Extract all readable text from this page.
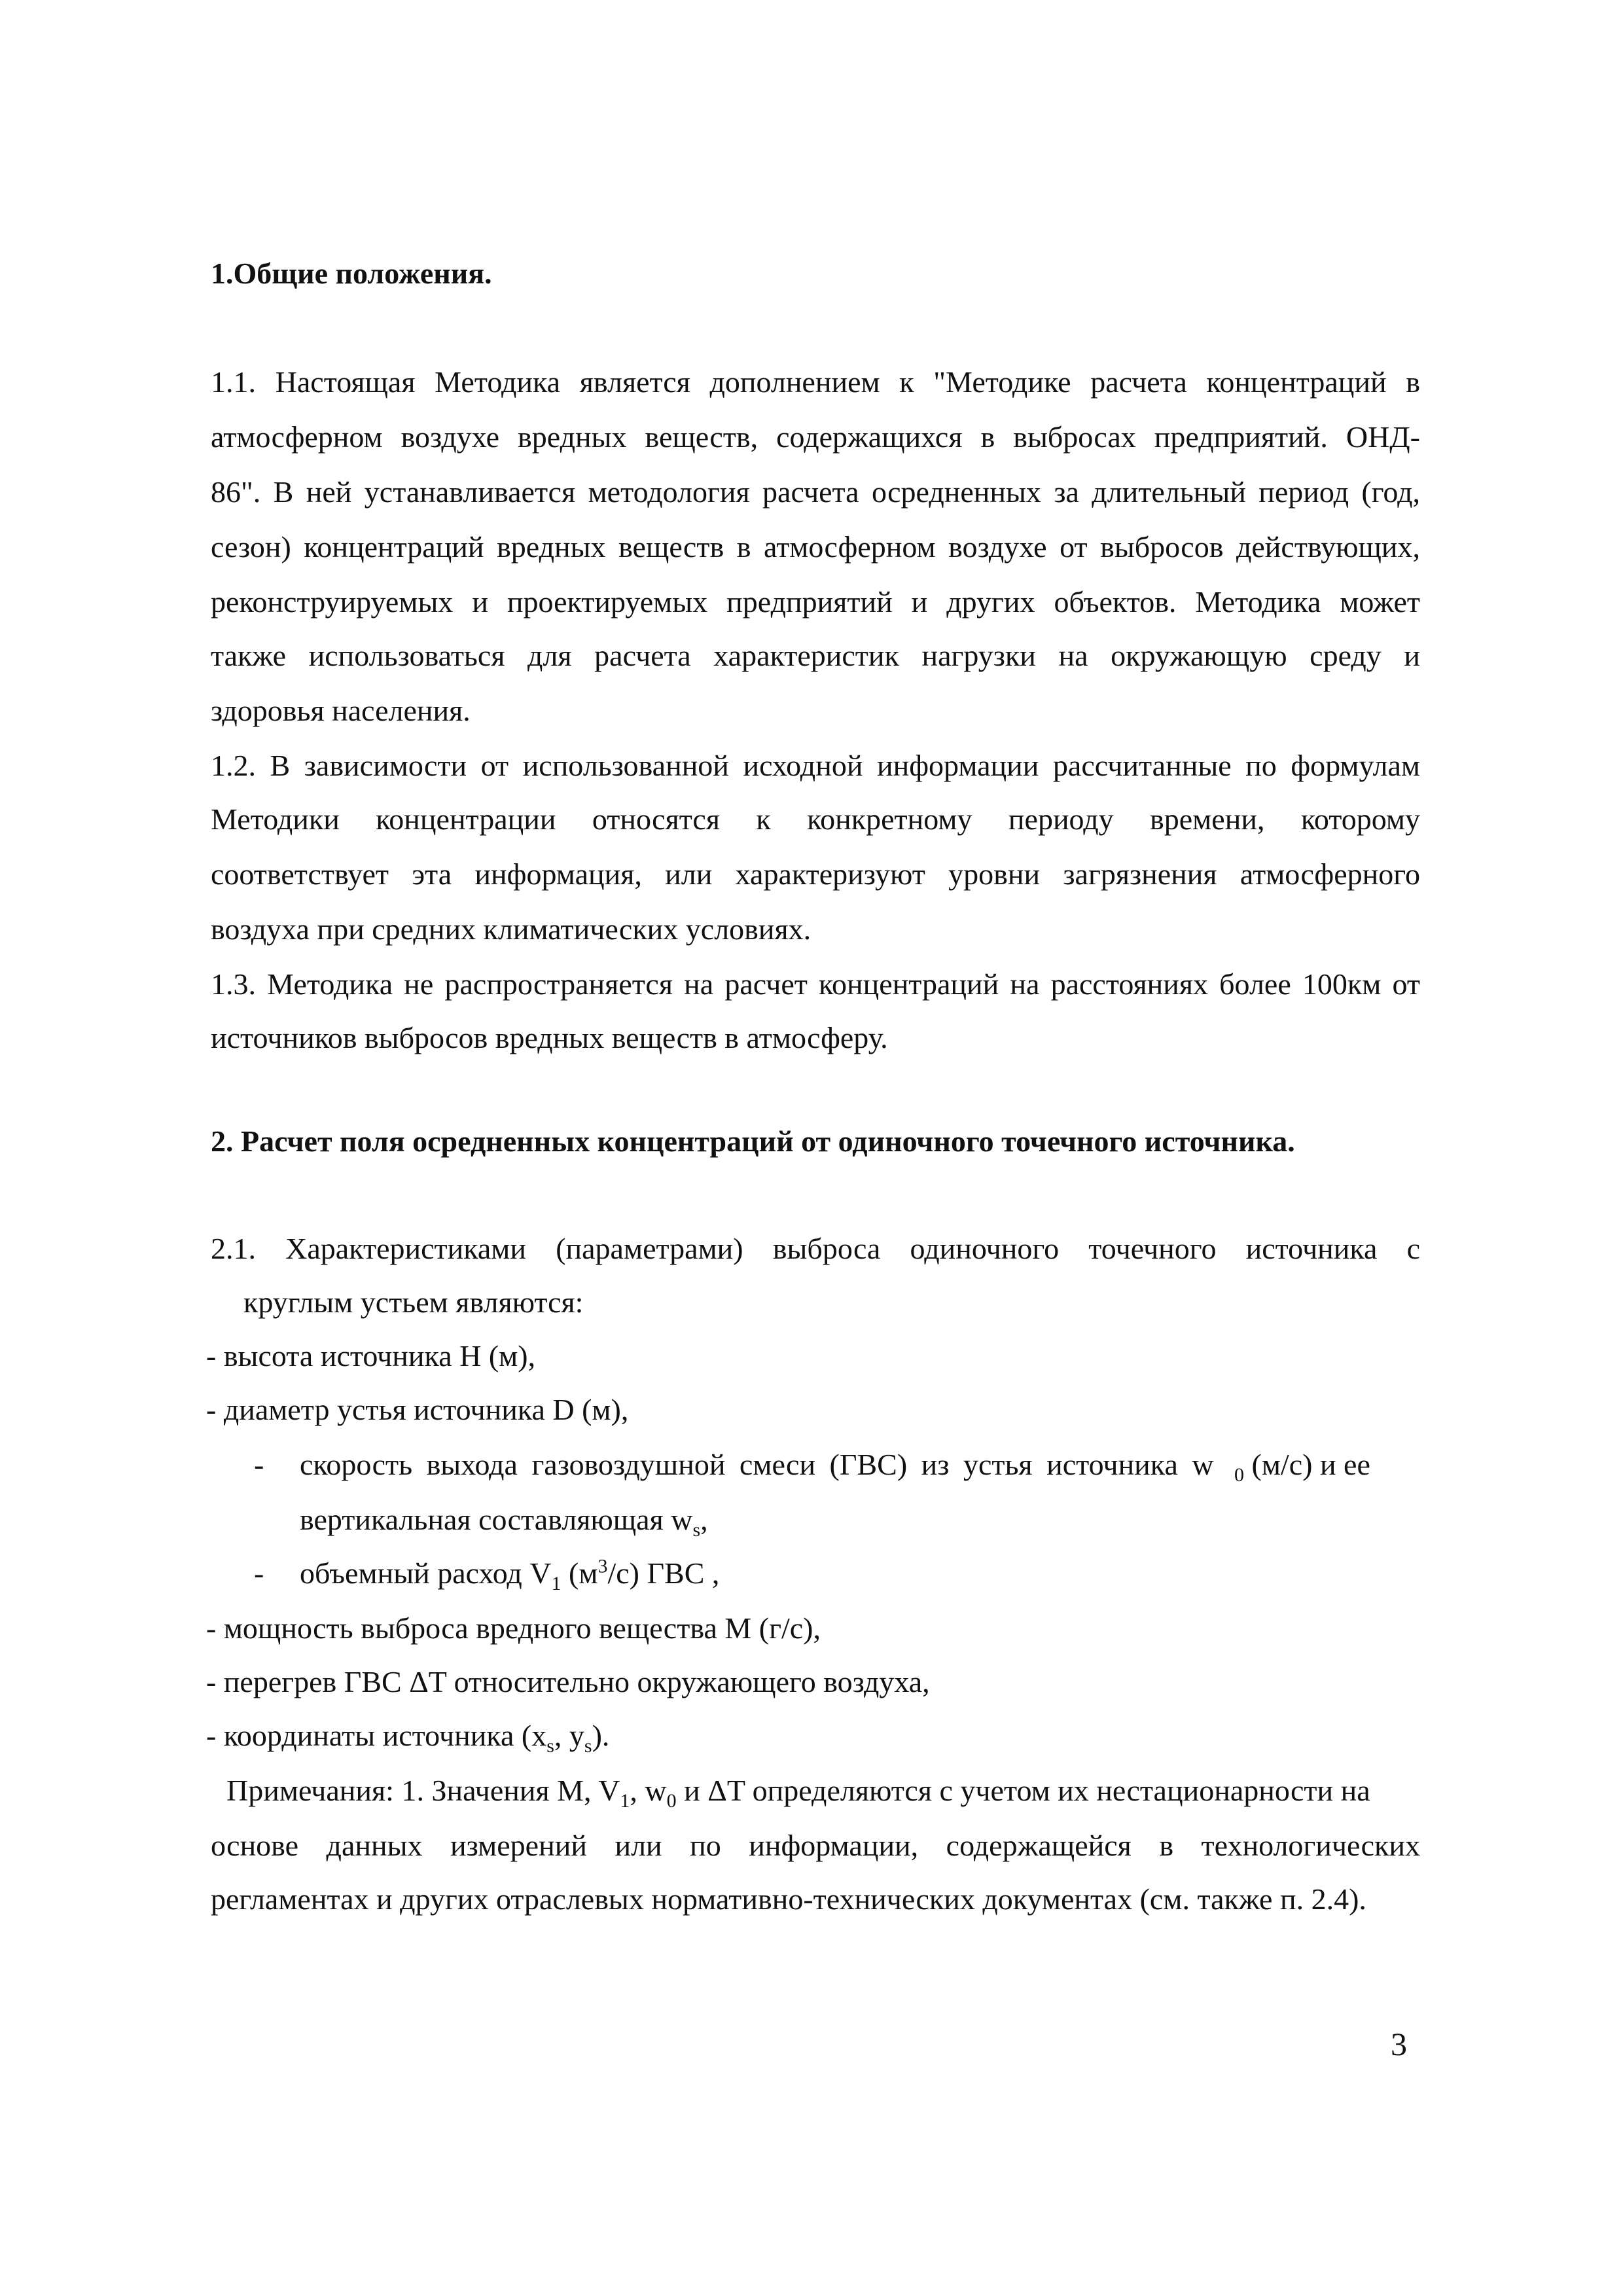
1.Общие положения.
1.1. Настоящая Методика является дополнением к "Методике расчета концентраций в
атмосферном воздухе вредных веществ, содержащихся в выбросах предприятий. ОНД-
86". В ней устанавливается методология расчета осредненных за длительный период (год,
сезон) концентраций вредных веществ в атмосферном воздухе от выбросов действующих,
реконструируемых и проектируемых предприятий и других объектов. Методика может
также использоваться для расчета характеристик нагрузки на окружающую среду и
здоровья населения.
1.2. В зависимости от использованной исходной информации рассчитанные по формулам
Методики концентрации относятся к конкретному периоду времени, которому
соответствует эта информация, или характеризуют уровни загрязнения атмосферного
воздуха при средних климатических условиях.
1.3. Методика не распространяется на расчет концентраций на расстояниях более 100км от
источников выбросов вредных веществ в атмосферу.
2. Расчет поля осредненных концентраций от одиночного точечного источника.
2.1. Характеристиками (параметрами) выброса одиночного точечного источника с
круглым устьем являются:
- высота источника H (м),
- диаметр устья источника D (м),
- скорость выхода газовоздушной смеси (ГВС) из устья источника w $_0$ (м/с) и ее
вертикальная составляющая $w_s$,
- объемный расход $V_1$ $(м^3/с)$ ГВС ,
- мощность выброса вредного вещества M (г/с),
- перегрев ГВС ΔT относительно окружающего воздуха,
- координаты источника ($x_s$, $y_s$).
Примечания: 1. Значения M, $V_1$, $w_0$ и ΔT определяются с учетом их нестационарности на
основе данных измерений или по информации, содержащейся в технологических
регламентах и других отраслевых нормативно-технических документах (см. также п. 2.4).
3
